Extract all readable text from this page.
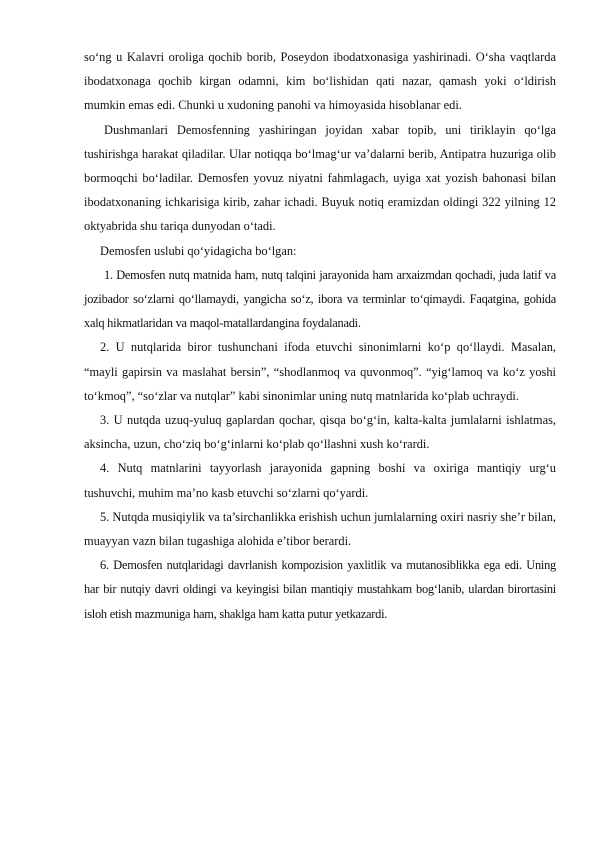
so‘ng u Kalavri oroliga qochib borib, Poseydon ibodatxonasiga yashirinadi. O‘sha vaqtlarda ibodatxonaga qochib kirgan odamni, kim bo‘lishidan qati nazar, qamash yoki o‘ldirish mumkin emas edi. Chunki u xudoning panohi va himoyasida hisoblanar edi.

Dushmanlari Demosfenning yashiringan joyidan xabar topib, uni tiriklayin qo‘lga tushirishga harakat qiladilar. Ular notiqqa bo‘lmag‘ur va’dalarni berib, Antipatra huzuriga olib bormoqchi bo‘ladilar. Demosfen yovuz niyatni fahmlagach, uyiga xat yozish bahonasi bilan ibodatxonaning ichkarisiga kirib, zahar ichadi. Buyuk notiq eramizdan oldingi 322 yilning 12 oktyabrida shu tariqa dunyodan o‘tadi.

Demosfen uslubi qo‘yidagicha bo‘lgan:

1. Demosfen nutq matnida ham, nutq talqini jarayonida ham arxaizmdan qochadi, juda latif va jozibador so‘zlarni qo‘llamaydi, yangicha so‘z, ibora va terminlar to‘qimaydi. Faqatgina, gohida xalq hikmatlaridan va maqol-matallardangina foydalanadi.

2. U nutqlarida biror tushunchani ifoda etuvchi sinonimlarni ko‘p qo‘llaydi. Masalan, “mayli gapirsin va maslahat bersin”, “shodlanmoq va quvonmoq”. “yig‘lamoq va ko‘z yoshi to‘kmoq”, “so‘zlar va nutqlar” kabi sinonimlar uning nutq matnlarida ko‘plab uchraydi.

3. U nutqda uzuq-yuluq gaplardan qochar, qisqa bo‘g‘in, kalta-kalta jumlalarni ishlatmas, aksincha, uzun, cho‘ziq bo‘g‘inlarni ko‘plab qo‘llashni xush ko‘rardi.

4. Nutq matnlarini tayyorlash jarayonida gapning boshi va oxiriga mantiqiy urg‘u tushuvchi, muhim ma’no kasb etuvchi so‘zlarni qo‘yardi.

5. Nutqda musiqiylik va ta’sirchanlikka erishish uchun jumlalarning oxiri nasriy she’r bilan, muayyan vazn bilan tugashiga alohida e’tibor berardi.

6. Demosfen nutqlaridagi davrlanish kompozision yaxlitlik va mutanosiblikka ega edi. Uning har bir nutqiy davri oldingi va keyingisi bilan mantiqiy mustahkam bog‘lanib, ulardan birortasini isloh etish mazmuniga ham, shaklga ham katta putur yetkazardi.
